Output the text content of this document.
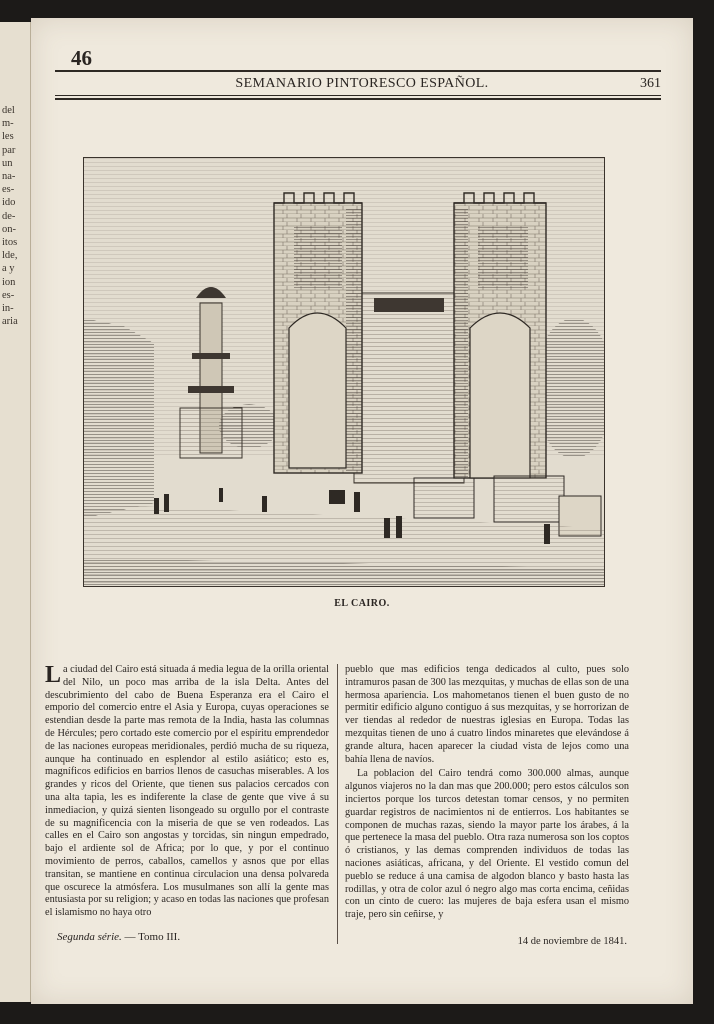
del
m-
les
par
un
na-
es-
ido
de-
on-
itos
lde,
a y
ion
es-
in-
aria
46
SEMANARIO PINTORESCO ESPAÑOL.	361
EL CAIRO.

La ciudad del Cairo está situada á media legua de la orilla oriental del Nilo, un poco mas arriba de la isla Delta. Antes del descubrimiento del cabo de Buena Esperanza era el Cairo el emporio del comercio entre el Asia y Europa, cuyas operaciones se estendian desde la parte mas remota de la India, hasta las columnas de Hércules; pero cortado este comercio por el espíritu emprendedor de las naciones europeas meridionales, perdió mucha de su riqueza, aunque ha continuado en esplendor al estilo asiático; esto es, magníficos edificios en barrios llenos de casuchas miserables. A los grandes y ricos del Oriente, que tienen sus palacios cercados con una alta tapia, les es indiferente la clase de gente que vive á su inmediacion, y quizá sienten lisongeado su orgullo por el contraste de su magnificencia con la miseria de que se ven rodeados. Las calles en el Cairo son angostas y torcidas, sin ningun empedrado, bajo el ardiente sol de Africa; por lo que, y por el continuo movimiento de perros, caballos, camellos y asnos que por ellas transitan, se mantiene en continua circulacion una densa polvareda que oscurece la atmósfera. Los musulmanes son allí la gente mas entusiasta por su religion; y acaso en todas las naciones que profesan el islamismo no haya otro

pueblo que mas edificios tenga dedicados al culto, pues solo intramuros pasan de 300 las mezquitas, y muchas de ellas son de una hermosa apariencia. Los mahometanos tienen el buen gusto de no permitir edificio alguno contiguo á sus mezquitas, y se horrorizan de ver tiendas al rededor de nuestras iglesias en Europa. Todas las mezquitas tienen de uno á cuatro lindos minaretes que elevándose á grande altura, hacen aparecer la ciudad vista de lejos como una bahía llena de navíos.

La poblacion del Cairo tendrá como 300.000 almas, aunque algunos viajeros no la dan mas que 200.000; pero estos cálculos son inciertos porque los turcos detestan tomar censos, y no permiten guardar registros de nacimientos ni de entierros. Los habitantes se componen de muchas razas, siendo la mayor parte los árabes, á la que pertenece la masa del pueblo. Otra raza numerosa son los coptos ó cristianos, y las demas comprenden individuos de todas las naciones asiáticas, africana, y del Oriente. El vestido comun del pueblo se reduce á una camisa de algodon blanco y basto hasta las rodillas, y otra de color azul ó negro algo mas corta encima, ceñidas con un cinto de cuero: las mujeres de baja esfera usan el mismo traje, pero sin ceñirse, y

Segunda série. — Tomo III.	14 de noviembre de 1841.
